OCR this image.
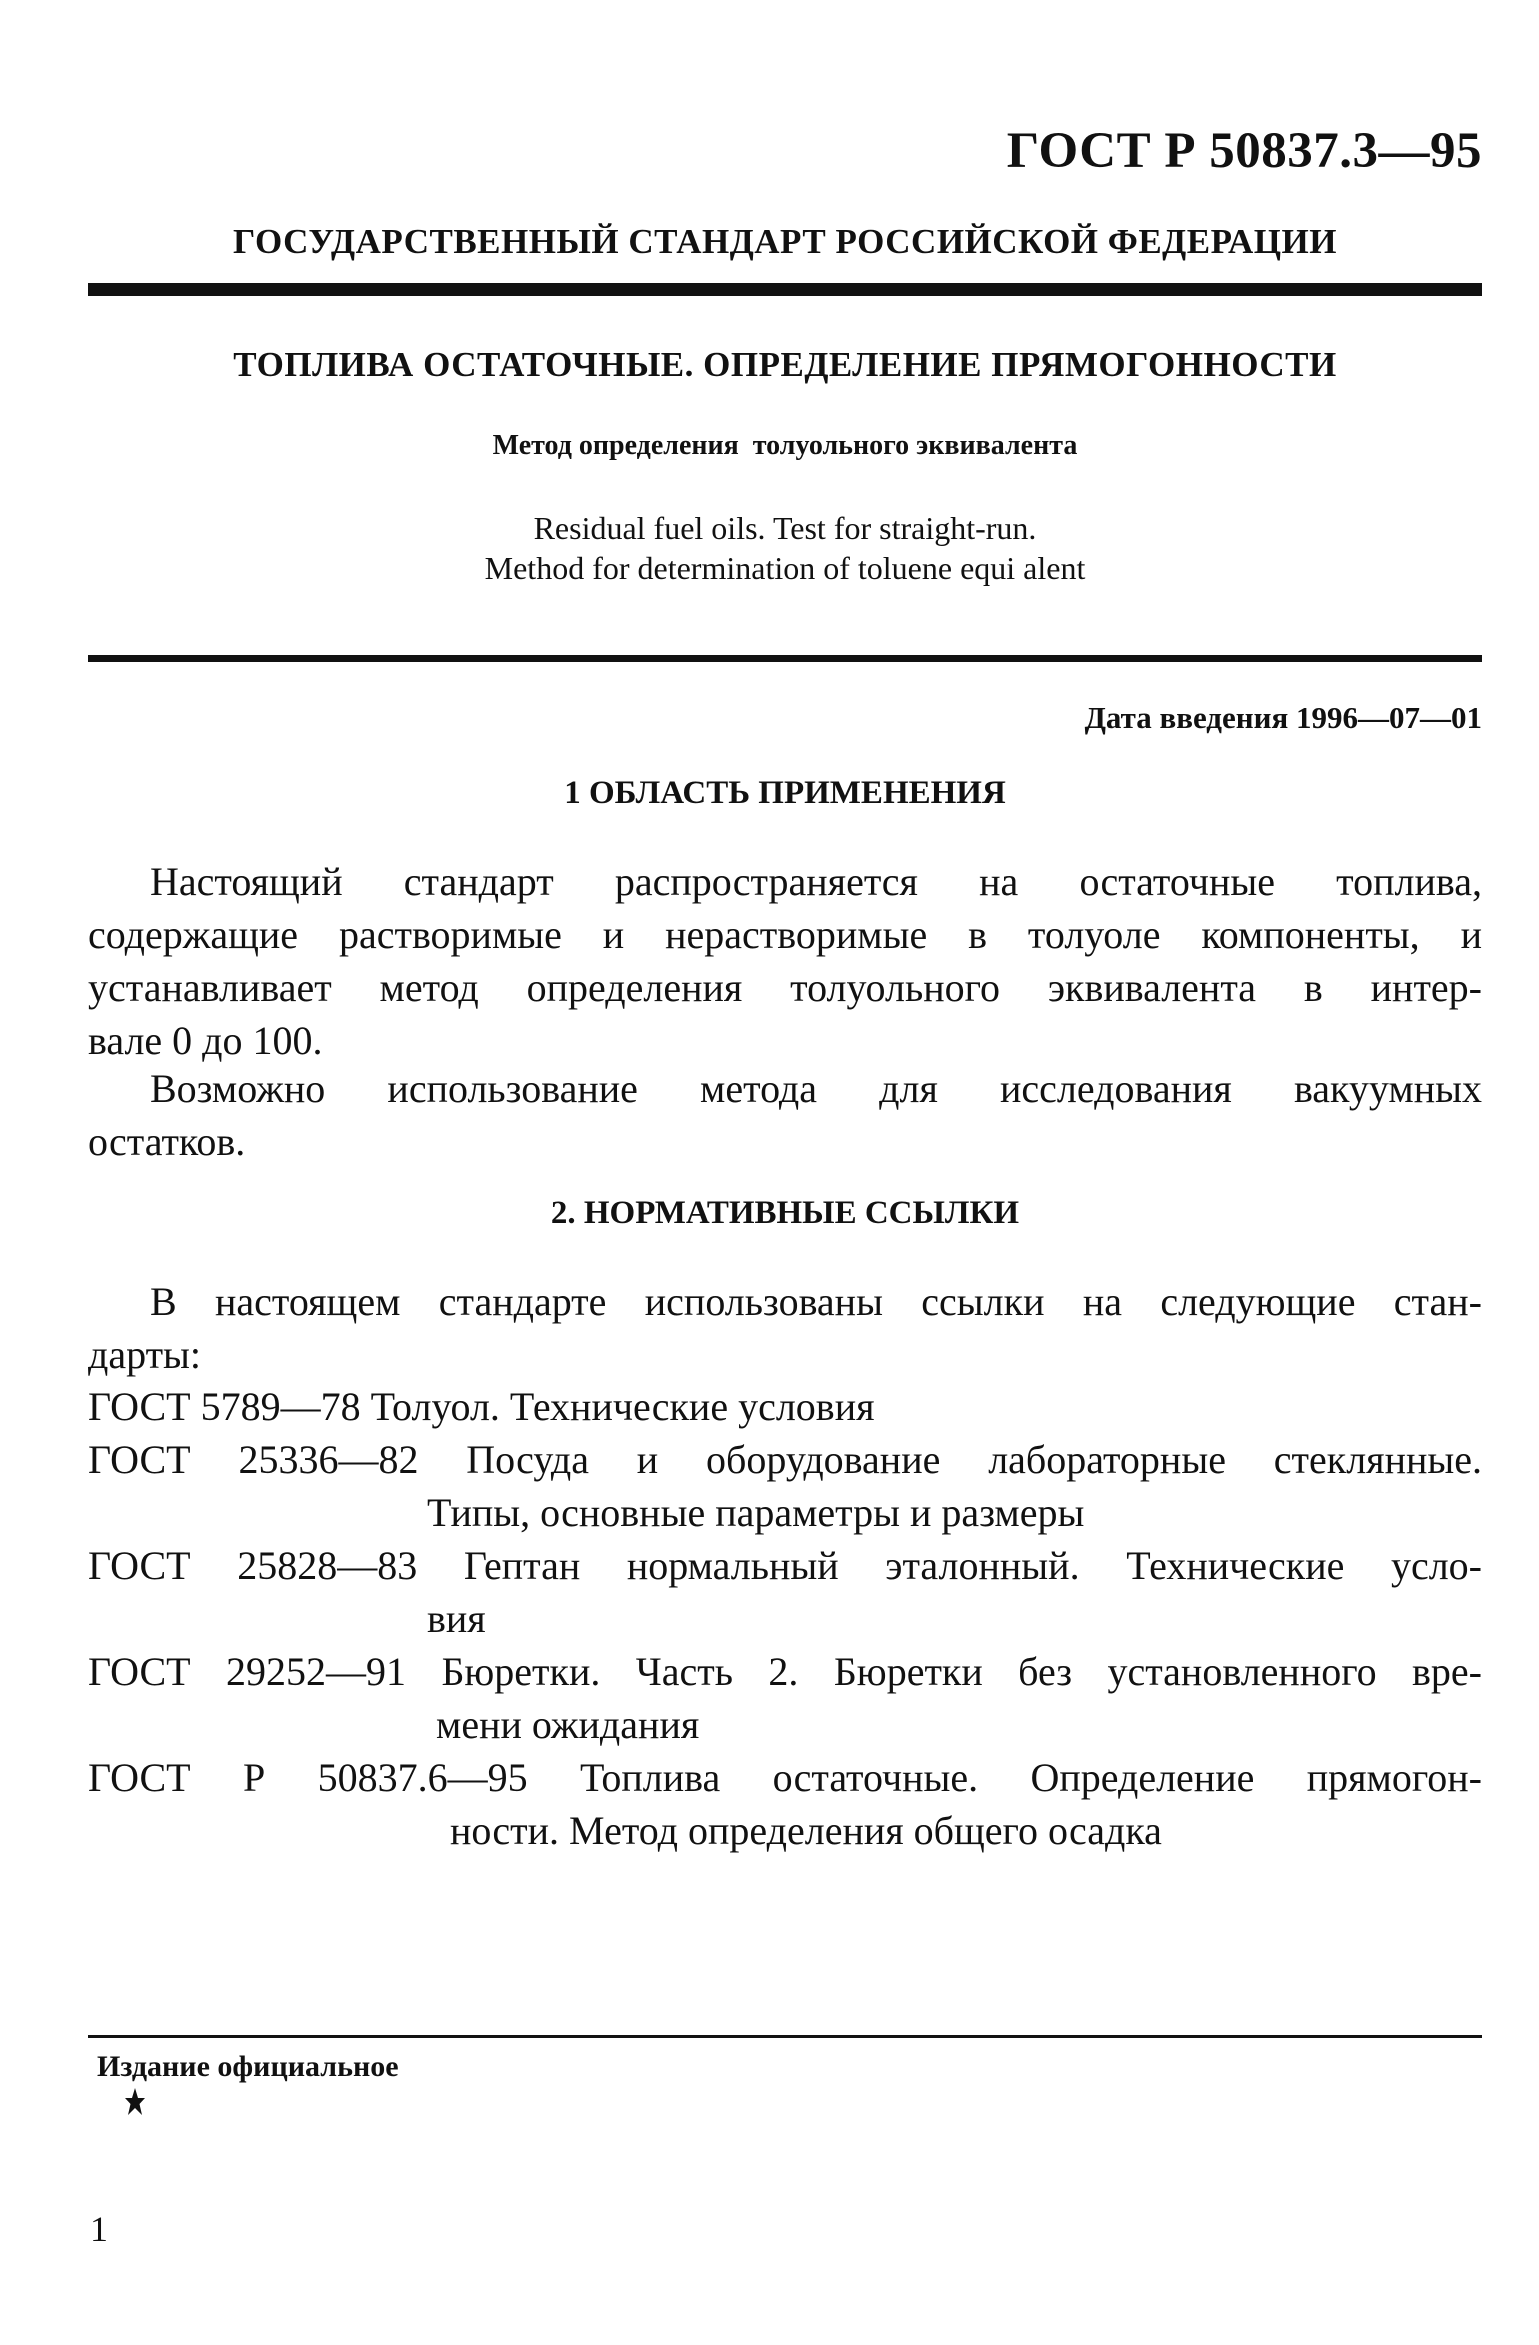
ГОСТ Р 50837.3—95
ГОСУДАРСТВЕННЫЙ СТАНДАРТ РОССИЙСКОЙ ФЕДЕРАЦИИ
ТОПЛИВА ОСТАТОЧНЫЕ. ОПРЕДЕЛЕНИЕ ПРЯМОГОННОСТИ
Метод определения  толуольного эквивалента
Residual fuel oils. Test for straight-run.
Method for determination of toluene equi alent
Дата введения 1996—07—01
1 ОБЛАСТЬ ПРИМЕНЕНИЯ
Настоящий стандарт распространяется на остаточные топлива,
содержащие растворимые и нерастворимые в толуоле компоненты, и
устанавливает метод определения толуольного эквивалента в интер-
вале 0 до 100.
Возможно использование метода для исследования вакуумных
остатков.
2. НОРМАТИВНЫЕ ССЫЛКИ
В настоящем стандарте использованы ссылки на следующие стан-
дарты:
ГОСТ 5789—78 Толуол. Технические условия
ГОСТ 25336—82 Посуда и оборудование лабораторные стеклянные.
Типы, основные параметры и размеры
ГОСТ 25828—83 Гептан нормальный эталонный. Технические усло-
вия
ГОСТ 29252—91 Бюретки. Часть 2. Бюретки без установленного вре-
мени ожидания
ГОСТ Р 50837.6—95 Топлива остаточные. Определение прямогон-
ности. Метод определения общего осадка
Издание официальное
1
